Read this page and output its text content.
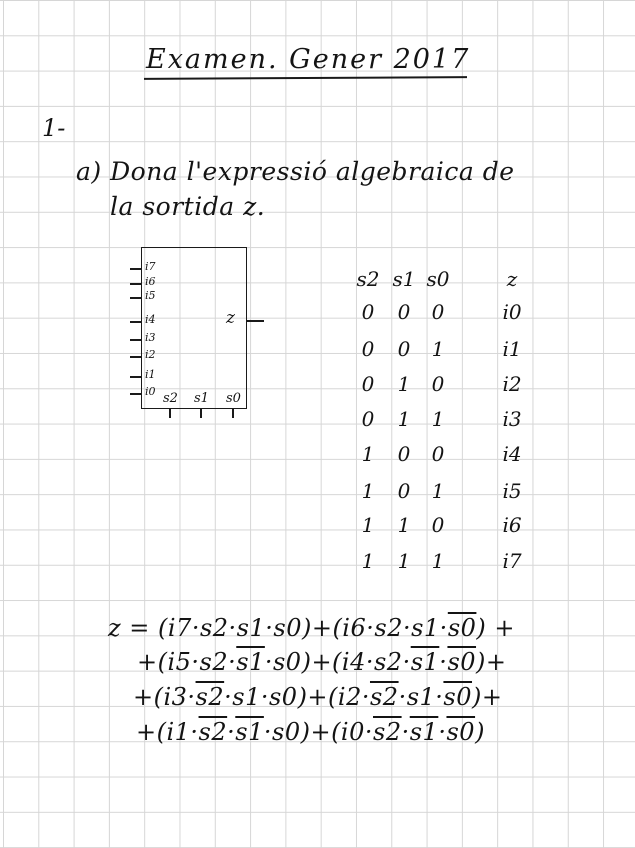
Examen. Gener 2017
1-
a) Dona l'expressió algebraica de
la sortida z.
z
i7
i6
i5
i4
i3
i2
i1
i0 s2 s1 s0
s2 s1 s0	z
0	0	0	i0
0	0	1	i1
0	1	0	i2
0	1	1	i3
1	0	0	i4
1	0	1	i5
1	1	0	i6
1	1	1	i7
z = (i7·s2·s1·s0)+(i6·s2·s1·s0) +
+(i5·s2·s1·s0)+(i4·s2·s1·s0)+
+(i3·s2·s1·s0)+(i2·s2·s1·s0)+
+(i1·s2·s1·s0)+(i0·s2·s1·s0)
